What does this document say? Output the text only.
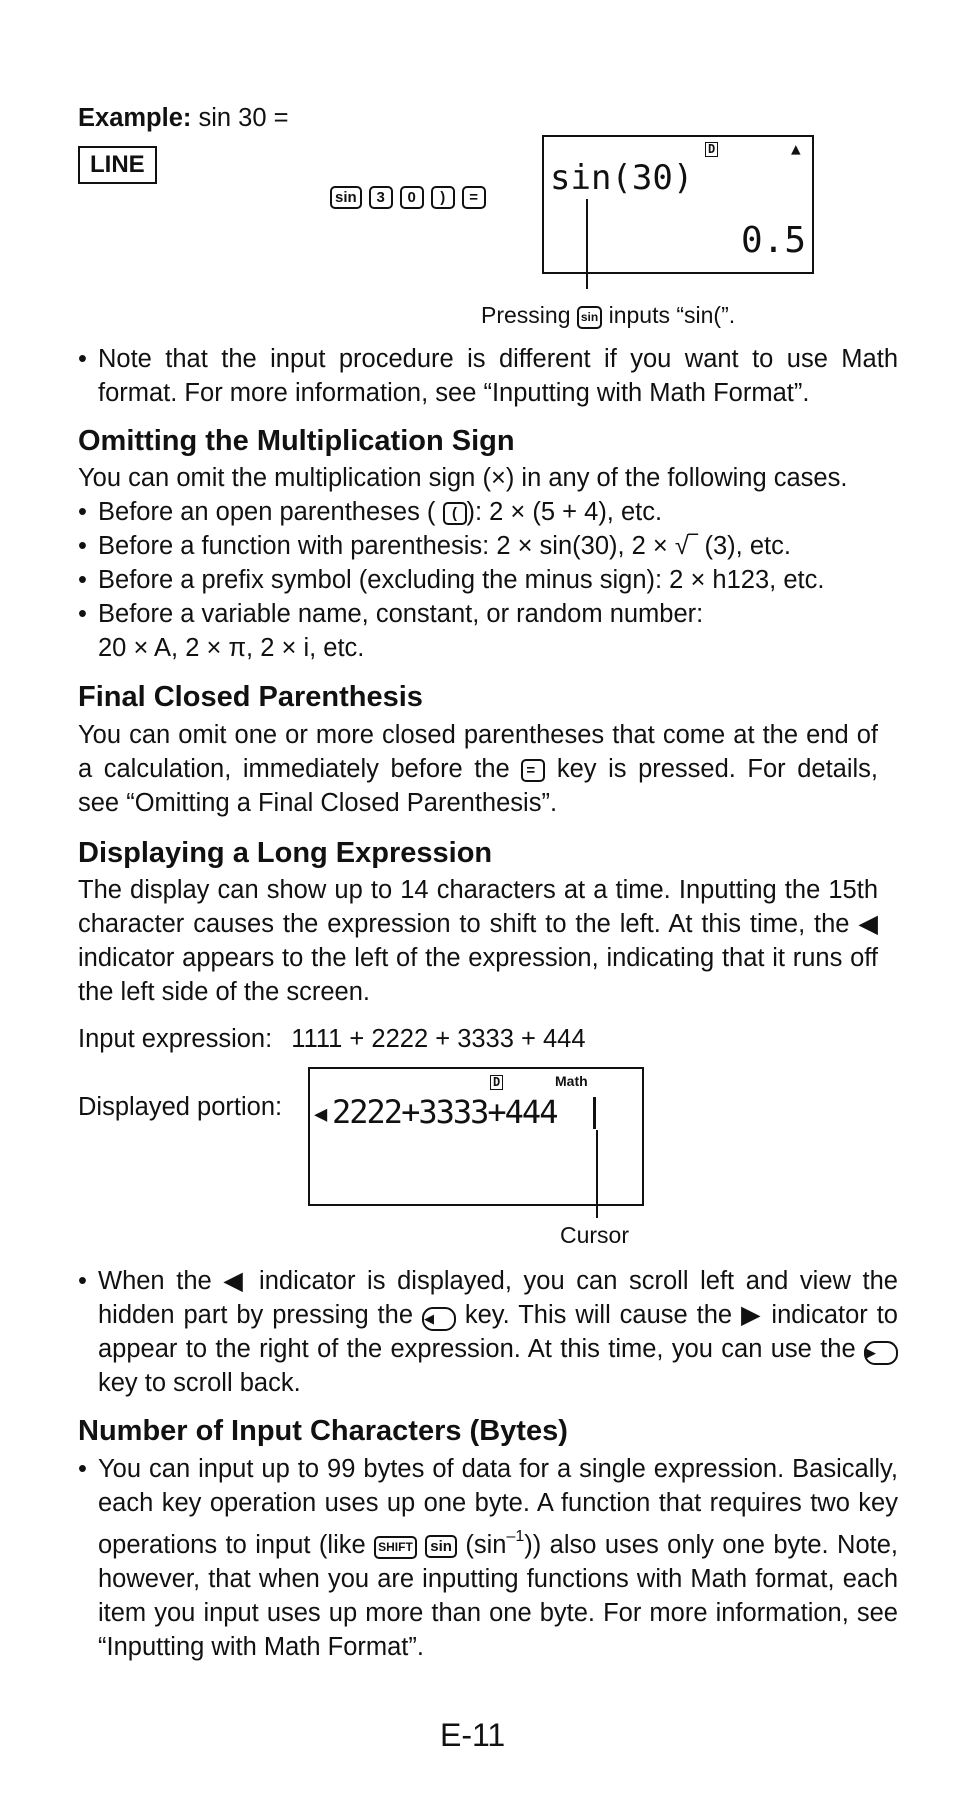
Example: sin 30 =
LINE
sin	3	0	)	=
D	▲
sin(30)
0.5
Pressing sin inputs “sin(”.

• Note that the input procedure is different if you want to use Math format. For more information, see “Inputting with Math Format”.

Omitting the Multiplication Sign

You can omit the multiplication sign (×) in any of the following cases.

• Before an open parentheses ( ( ): 2 × (5 + 4), etc.

• Before a function with parenthesis: 2 × sin(30), 2 × √‾ (3), etc.

• Before a prefix symbol (excluding the minus sign): 2 × h123, etc.

• Before a variable name, constant, or random number:
20 × A, 2 × π, 2 × i, etc.

Final Closed Parenthesis

You can omit one or more closed parentheses that come at the end of a calculation, immediately before the = key is pressed. For details, see “Omitting a Final Closed Parenthesis”.

Displaying a Long Expression

The display can show up to 14 characters at a time. Inputting the 15th character causes the expression to shift to the left. At this time, the ◀ indicator appears to the left of the expression, indicating that it runs off the left side of the screen.

Input expression: 1111 + 2222 + 3333 + 444
Displayed portion:
D	Math
◀ 2222+3333+444
Cursor

• When the ◀ indicator is displayed, you can scroll left and view the hidden part by pressing the ◀ key. This will cause the ▶ indicator to appear to the right of the expression. At this time, you can use the ▶ key to scroll back.

Number of Input Characters (Bytes)

• You can input up to 99 bytes of data for a single expression. Basically, each key operation uses up one byte. A function that requires two key operations to input (like SHIFT $\sin (\sin^{-1})$) also uses only one byte. Note, however, that when you are inputting functions with Math format, each item you input uses up more than one byte. For more information, see “Inputting with Math Format”.

E-11
